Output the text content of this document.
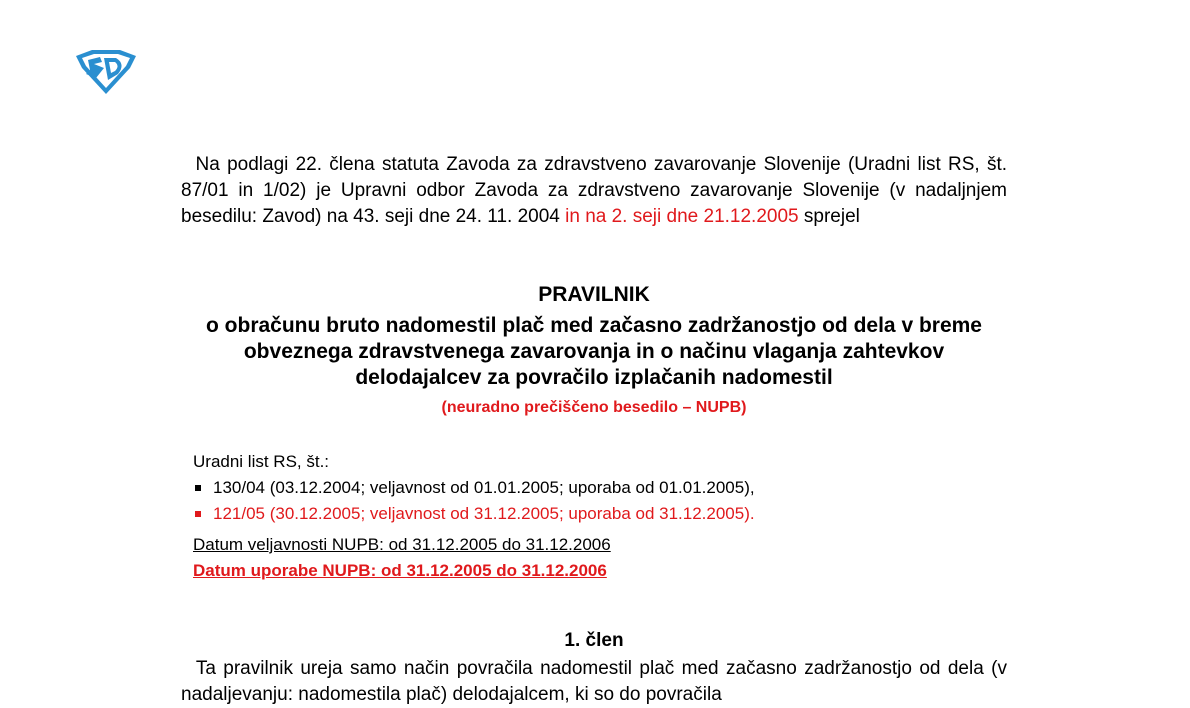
Na podlagi 22. člena statuta Zavoda za zdravstveno zavarovanje Slovenije (Uradni list RS, št. 87/01 in 1/02) je Upravni odbor Zavoda za zdravstveno zavarovanje Slovenije (v nadaljnjem besedilu: Zavod) na 43. seji dne 24. 11. 2004 in na 2. seji dne 21.12.2005 sprejel

PRAVILNIK
o obračunu bruto nadomestil plač med začasno zadržanostjo od dela v breme obveznega zdravstvenega zavarovanja in o načinu vlaganja zahtevkov delodajalcev za povračilo izplačanih nadomestil
(neuradno prečiščeno besedilo – NUPB)
Uradni list RS, št.:
130/04 (03.12.2004; veljavnost od 01.01.2005; uporaba od 01.01.2005),
121/05 (30.12.2005; veljavnost od 31.12.2005; uporaba od 31.12.2005).
Datum veljavnosti NUPB: od 31.12.2005 do 31.12.2006
Datum uporabe NUPB: od 31.12.2005 do 31.12.2006
1. člen

Ta pravilnik ureja samo način povračila nadomestil plač med začasno zadržanostjo od dela (v nadaljevanju: nadomestila plač) delodajalcem, ki so do povračila
